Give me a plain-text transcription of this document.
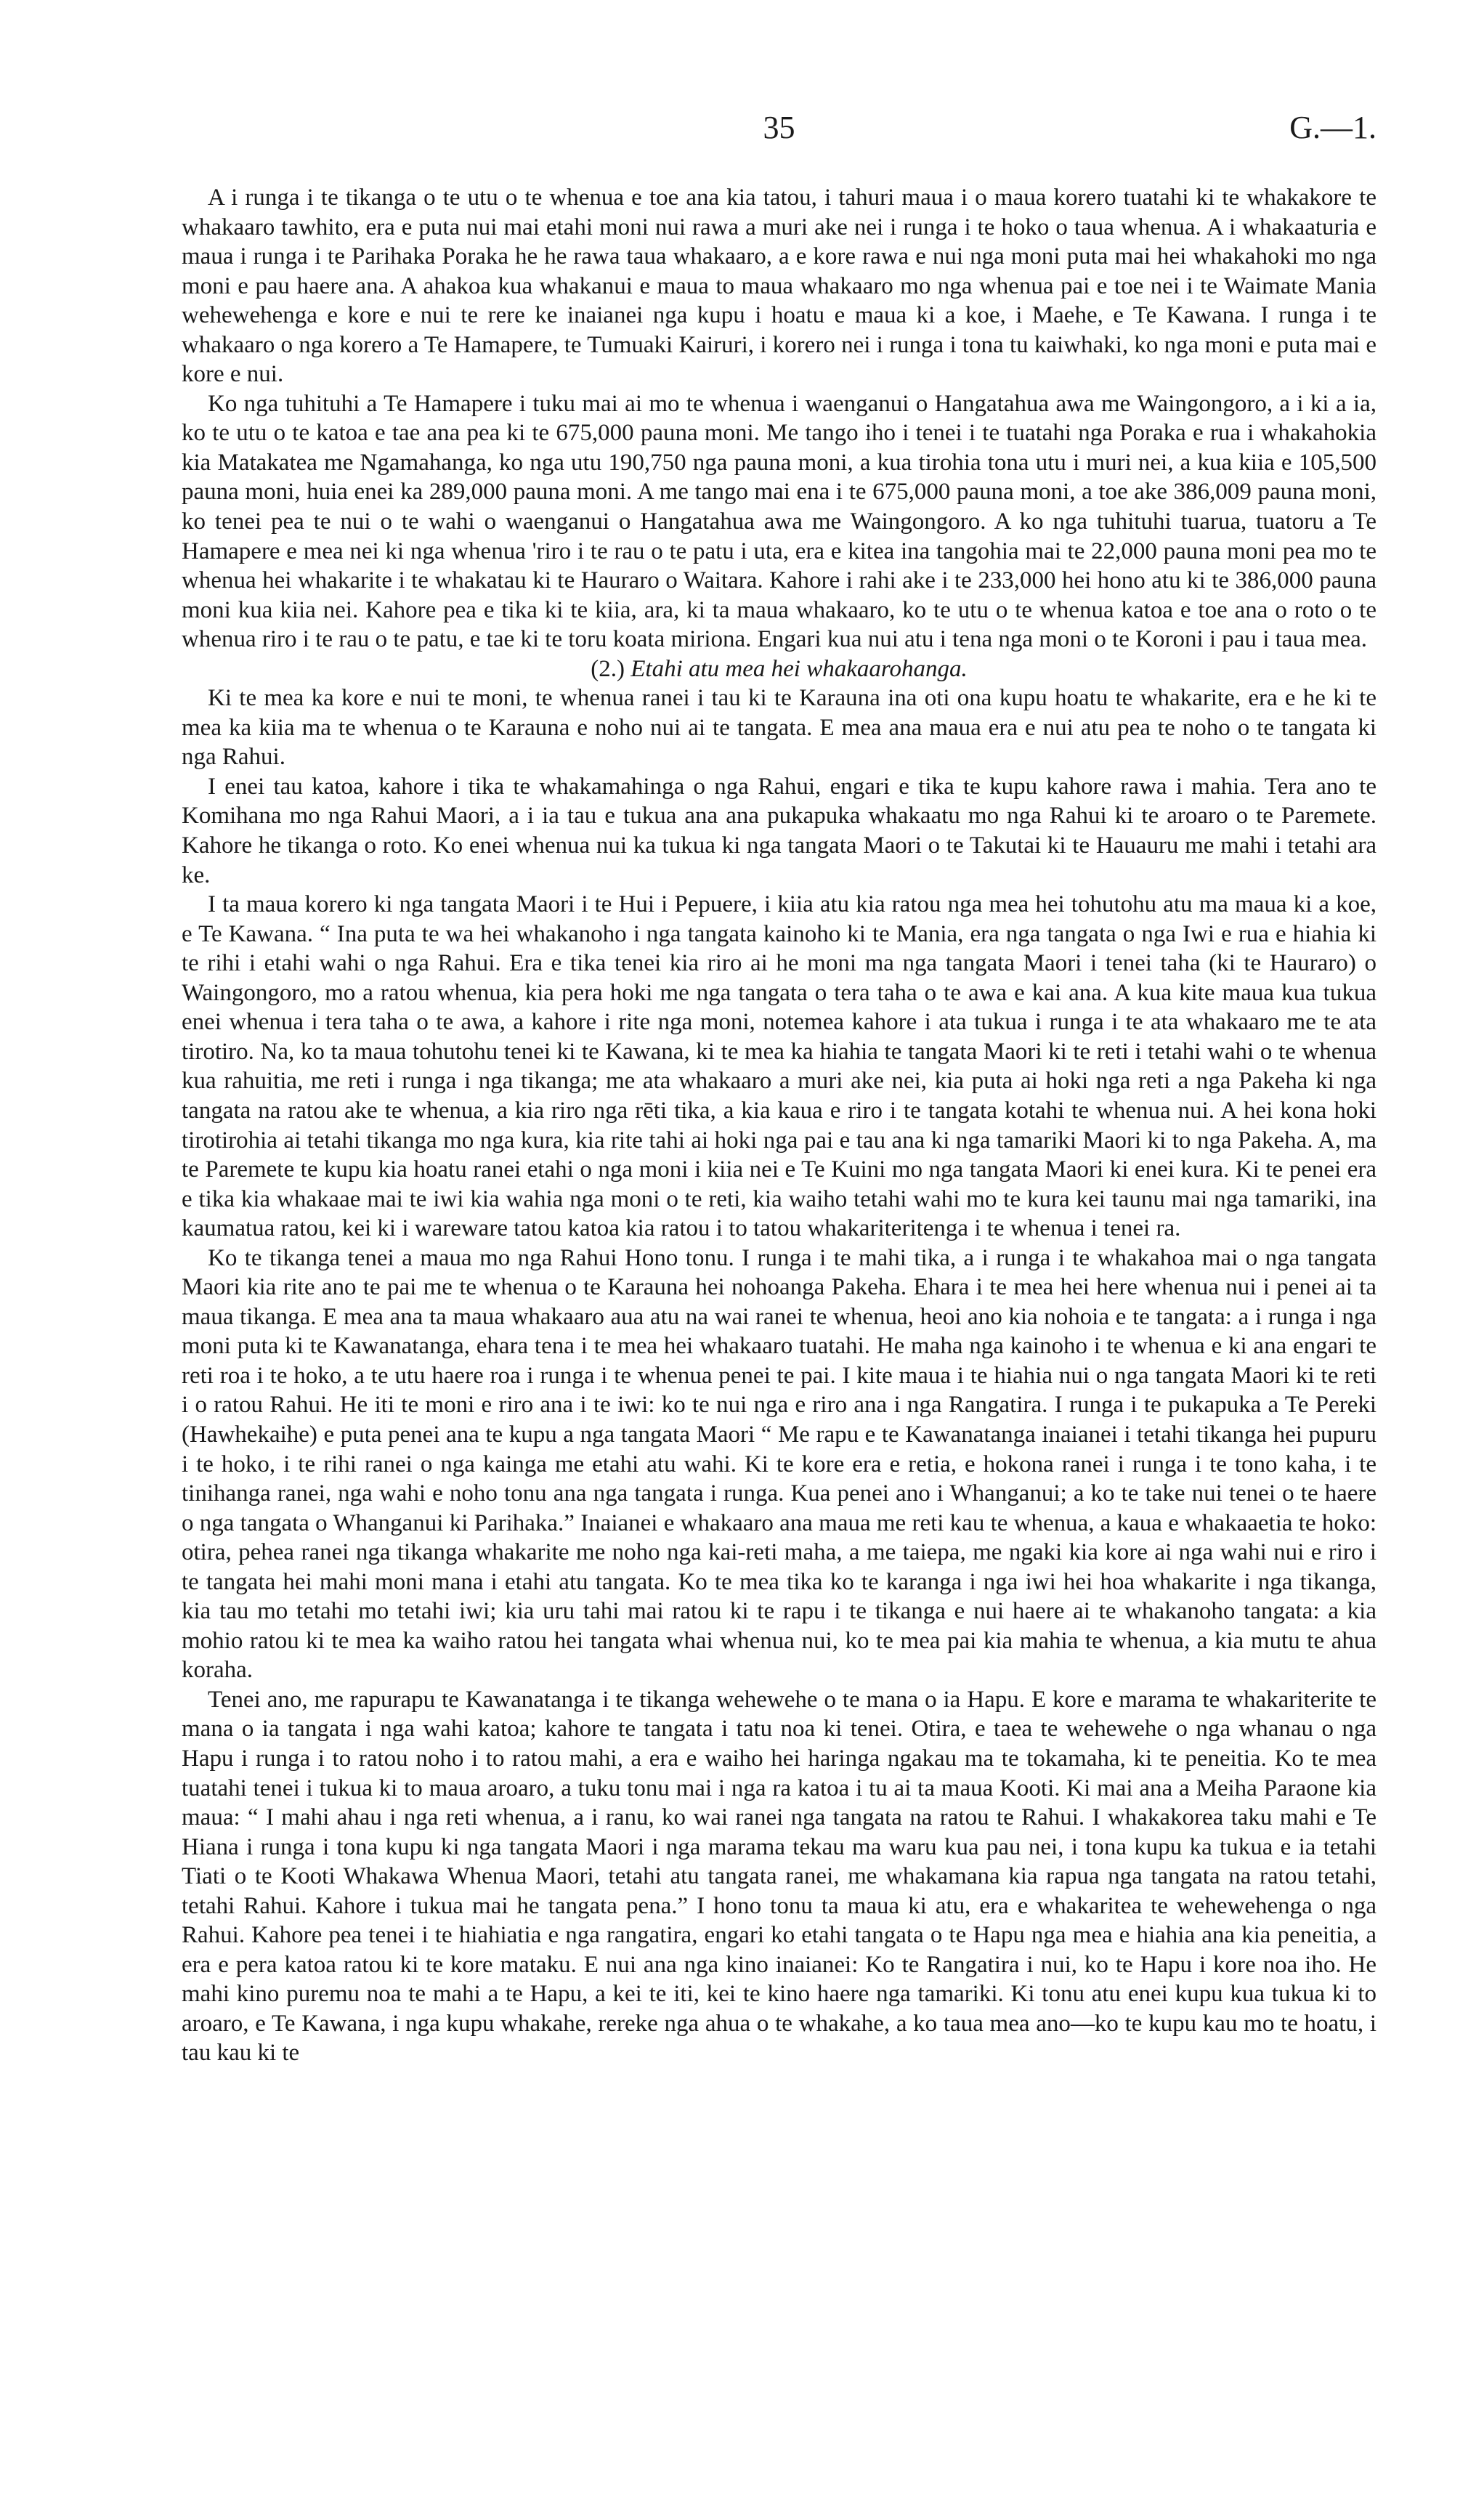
35	G.—1.

A i runga i te tikanga o te utu o te whenua e toe ana kia tatou, i tahuri maua i o maua korero tuatahi ki te whakakore te whakaaro tawhito, era e puta nui mai etahi moni nui rawa a muri ake nei i runga i te hoko o taua whenua. A i whakaaturia e maua i runga i te Parihaka Poraka he he rawa taua whakaaro, a e kore rawa e nui nga moni puta mai hei whakahoki mo nga moni e pau haere ana. A ahakoa kua whakanui e maua to maua whakaaro mo nga whenua pai e toe nei i te Waimate Mania wehewehenga e kore e nui te rere ke inaianei nga kupu i hoatu e maua ki a koe, i Maehe, e Te Kawana. I runga i te whakaaro o nga korero a Te Hamapere, te Tumuaki Kairuri, i korero nei i runga i tona tu kaiwhaki, ko nga moni e puta mai e kore e nui.

Ko nga tuhituhi a Te Hamapere i tuku mai ai mo te whenua i waenganui o Hangatahua awa me Waingongoro, a i ki a ia, ko te utu o te katoa e tae ana pea ki te 675,000 pauna moni. Me tango iho i tenei i te tuatahi nga Poraka e rua i whakahokia kia Matakatea me Ngamahanga, ko nga utu 190,750 nga pauna moni, a kua tirohia tona utu i muri nei, a kua kiia e 105,500 pauna moni, huia enei ka 289,000 pauna moni. A me tango mai ena i te 675,000 pauna moni, a toe ake 386,009 pauna moni, ko tenei pea te nui o te wahi o waenganui o Hangatahua awa me Waingongoro. A ko nga tuhituhi tuarua, tuatoru a Te Hamapere e mea nei ki nga whenua 'riro i te rau o te patu i uta, era e kitea ina tangohia mai te 22,000 pauna moni pea mo te whenua hei whakarite i te whakatau ki te Hauraro o Waitara. Kahore i rahi ake i te 233,000 hei hono atu ki te 386,000 pauna moni kua kiia nei. Kahore pea e tika ki te kiia, ara, ki ta maua whakaaro, ko te utu o te whenua katoa e toe ana o roto o te whenua riro i te rau o te patu, e tae ki te toru koata miriona. Engari kua nui atu i tena nga moni o te Koroni i pau i taua mea.

(2.) Etahi atu mea hei whakaarohanga.

Ki te mea ka kore e nui te moni, te whenua ranei i tau ki te Karauna ina oti ona kupu hoatu te whakarite, era e he ki te mea ka kiia ma te whenua o te Karauna e noho nui ai te tangata. E mea ana maua era e nui atu pea te noho o te tangata ki nga Rahui.

I enei tau katoa, kahore i tika te whakamahinga o nga Rahui, engari e tika te kupu kahore rawa i mahia. Tera ano te Komihana mo nga Rahui Maori, a i ia tau e tukua ana ana pukapuka whakaatu mo nga Rahui ki te aroaro o te Paremete. Kahore he tikanga o roto. Ko enei whenua nui ka tukua ki nga tangata Maori o te Takutai ki te Hauauru me mahi i tetahi ara ke.

I ta maua korero ki nga tangata Maori i te Hui i Pepuere, i kiia atu kia ratou nga mea hei tohutohu atu ma maua ki a koe, e Te Kawana. “ Ina puta te wa hei whakanoho i nga tangata kainoho ki te Mania, era nga tangata o nga Iwi e rua e hiahia ki te rihi i etahi wahi o nga Rahui. Era e tika tenei kia riro ai he moni ma nga tangata Maori i tenei taha (ki te Hauraro) o Waingongoro, mo a ratou whenua, kia pera hoki me nga tangata o tera taha o te awa e kai ana. A kua kite maua kua tukua enei whenua i tera taha o te awa, a kahore i rite nga moni, notemea kahore i ata tukua i runga i te ata whakaaro me te ata tirotiro. Na, ko ta maua tohutohu tenei ki te Kawana, ki te mea ka hiahia te tangata Maori ki te reti i tetahi wahi o te whenua kua rahuitia, me reti i runga i nga tikanga; me ata whakaaro a muri ake nei, kia puta ai hoki nga reti a nga Pakeha ki nga tangata na ratou ake te whenua, a kia riro nga rēti tika, a kia kaua e riro i te tangata kotahi te whenua nui. A hei kona hoki tirotirohia ai tetahi tikanga mo nga kura, kia rite tahi ai hoki nga pai e tau ana ki nga tamariki Maori ki to nga Pakeha. A, ma te Paremete te kupu kia hoatu ranei etahi o nga moni i kiia nei e Te Kuini mo nga tangata Maori ki enei kura. Ki te penei era e tika kia whakaae mai te iwi kia wahia nga moni o te reti, kia waiho tetahi wahi mo te kura kei taunu mai nga tamariki, ina kaumatua ratou, kei ki i wareware tatou katoa kia ratou i to tatou whakariteritenga i te whenua i tenei ra.

Ko te tikanga tenei a maua mo nga Rahui Hono tonu. I runga i te mahi tika, a i runga i te whakahoa mai o nga tangata Maori kia rite ano te pai me te whenua o te Karauna hei nohoanga Pakeha. Ehara i te mea hei here whenua nui i penei ai ta maua tikanga. E mea ana ta maua whakaaro aua atu na wai ranei te whenua, heoi ano kia nohoia e te tangata: a i runga i nga moni puta ki te Kawanatanga, ehara tena i te mea hei whakaaro tuatahi. He maha nga kainoho i te whenua e ki ana engari te reti roa i te hoko, a te utu haere roa i runga i te whenua penei te pai. I kite maua i te hiahia nui o nga tangata Maori ki te reti i o ratou Rahui. He iti te moni e riro ana i te iwi: ko te nui nga e riro ana i nga Rangatira. I runga i te pukapuka a Te Pereki (Hawhekaihe) e puta penei ana te kupu a nga tangata Maori “ Me rapu e te Kawanatanga inaianei i tetahi tikanga hei pupuru i te hoko, i te rihi ranei o nga kainga me etahi atu wahi. Ki te kore era e retia, e hokona ranei i runga i te tono kaha, i te tinihanga ranei, nga wahi e noho tonu ana nga tangata i runga. Kua penei ano i Whanganui; a ko te take nui tenei o te haere o nga tangata o Whanganui ki Parihaka.” Inaianei e whakaaro ana maua me reti kau te whenua, a kaua e whakaaetia te hoko: otira, pehea ranei nga tikanga whakarite me noho nga kai-reti maha, a me taiepa, me ngaki kia kore ai nga wahi nui e riro i te tangata hei mahi moni mana i etahi atu tangata. Ko te mea tika ko te karanga i nga iwi hei hoa whakarite i nga tikanga, kia tau mo tetahi mo tetahi iwi; kia uru tahi mai ratou ki te rapu i te tikanga e nui haere ai te whakanoho tangata: a kia mohio ratou ki te mea ka waiho ratou hei tangata whai whenua nui, ko te mea pai kia mahia te whenua, a kia mutu te ahua koraha.

Tenei ano, me rapurapu te Kawanatanga i te tikanga wehewehe o te mana o ia Hapu. E kore e marama te whakariterite te mana o ia tangata i nga wahi katoa; kahore te tangata i tatu noa ki tenei. Otira, e taea te wehewehe o nga whanau o nga Hapu i runga i to ratou noho i to ratou mahi, a era e waiho hei haringa ngakau ma te tokamaha, ki te peneitia. Ko te mea tuatahi tenei i tukua ki to maua aroaro, a tuku tonu mai i nga ra katoa i tu ai ta maua Kooti. Ki mai ana a Meiha Paraone kia maua: “ I mahi ahau i nga reti whenua, a i ranu, ko wai ranei nga tangata na ratou te Rahui. I whakakorea taku mahi e Te Hiana i runga i tona kupu ki nga tangata Maori i nga marama tekau ma waru kua pau nei, i tona kupu ka tukua e ia tetahi Tiati o te Kooti Whakawa Whenua Maori, tetahi atu tangata ranei, me whakamana kia rapua nga tangata na ratou tetahi, tetahi Rahui. Kahore i tukua mai he tangata pena.” I hono tonu ta maua ki atu, era e whakaritea te wehewehenga o nga Rahui. Kahore pea tenei i te hiahiatia e nga rangatira, engari ko etahi tangata o te Hapu nga mea e hiahia ana kia peneitia, a era e pera katoa ratou ki te kore mataku. E nui ana nga kino inaianei: Ko te Rangatira i nui, ko te Hapu i kore noa iho. He mahi kino puremu noa te mahi a te Hapu, a kei te iti, kei te kino haere nga tamariki. Ki tonu atu enei kupu kua tukua ki to aroaro, e Te Kawana, i nga kupu whakahe, rereke nga ahua o te whakahe, a ko taua mea ano—ko te kupu kau mo te hoatu, i tau kau ki te
